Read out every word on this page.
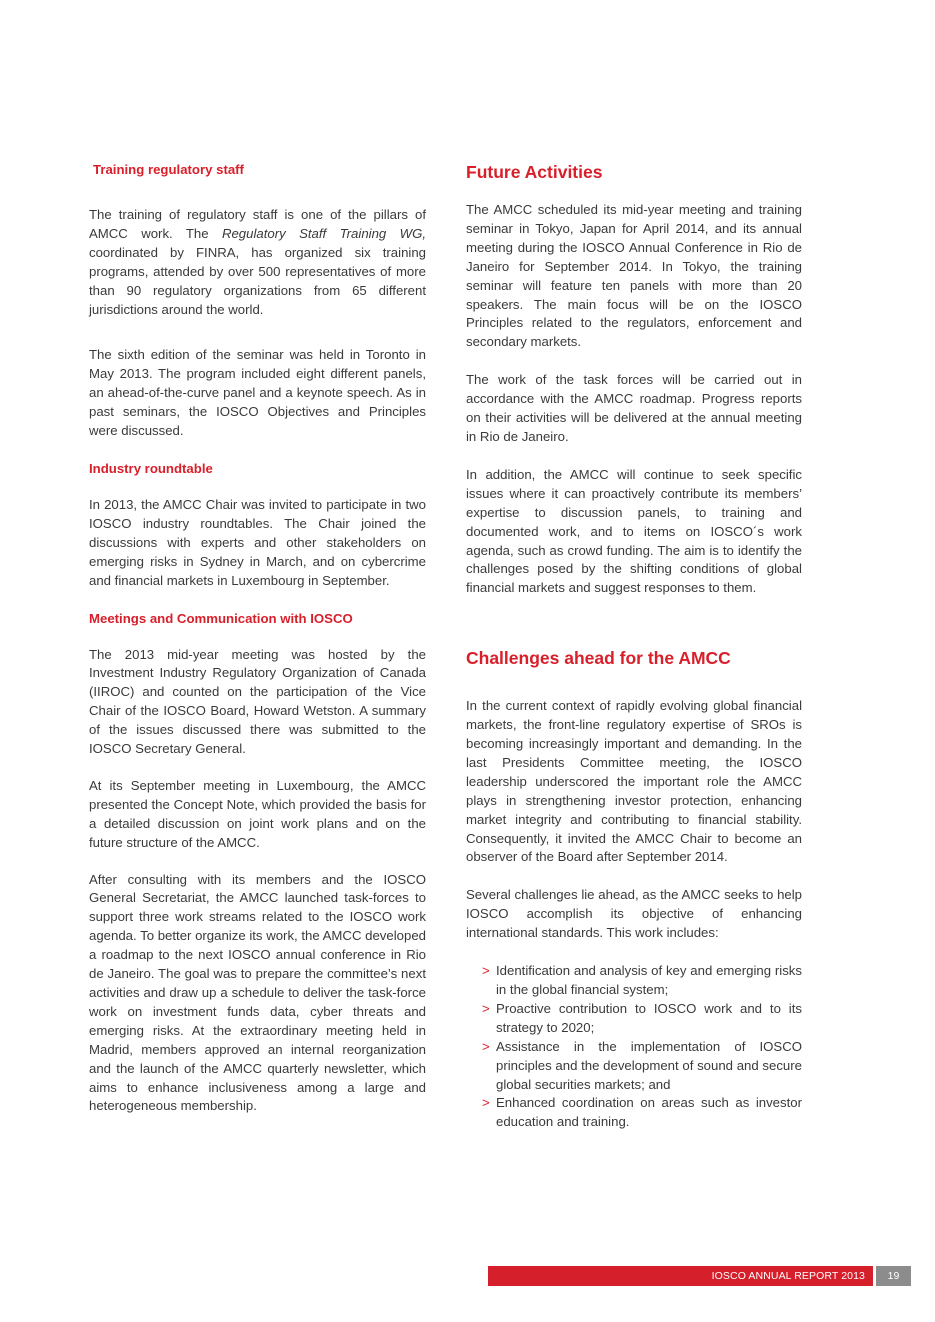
Training regulatory staff

The training of regulatory staff is one of the pillars of AMCC work. The Regulatory Staff Training WG, coordinated by FINRA, has organized six training programs, attended by over 500 representatives of more than 90 regulatory organizations from 65 different jurisdictions around the world.

The sixth edition of the seminar was held in Toronto in May 2013. The program included eight different panels, an ahead-of-the-curve panel and a keynote speech. As in past seminars, the IOSCO Objectives and Principles were discussed.

Industry roundtable

In 2013, the AMCC Chair was invited to participate in two IOSCO industry roundtables. The Chair joined the discussions with experts and other stakeholders on emerging risks in Sydney in March, and on cybercrime and financial markets in Luxembourg in September.

Meetings and Communication with IOSCO

The 2013 mid-year meeting was hosted by the Investment Industry Regulatory Organization of Canada (IIROC) and counted on the participation of the Vice Chair of the IOSCO Board, Howard Wetston. A summary of the issues discussed there was submitted to the IOSCO Secretary General.

At its September meeting in Luxembourg, the AMCC presented the Concept Note, which provided the basis for a detailed discussion on joint work plans and on the future structure of the AMCC.

After consulting with its members and the IOSCO General Secretariat, the AMCC launched task-forces to support three work streams related to the IOSCO work agenda. To better organize its work, the AMCC developed a roadmap to the next IOSCO annual conference in Rio de Janeiro. The goal was to prepare the committee’s next activities and draw up a schedule to deliver the task-force work on investment funds data, cyber threats and emerging risks. At the extraordinary meeting held in Madrid, members approved an internal reorganization and the launch of the AMCC quarterly newsletter, which aims to enhance inclusiveness among a large and heterogeneous membership.

Future Activities

The AMCC scheduled its mid-year meeting and training seminar in Tokyo, Japan for April 2014, and its annual meeting during the IOSCO Annual Conference in Rio de Janeiro for September 2014. In Tokyo, the training seminar will feature ten panels with more than 20 speakers. The main focus will be on the IOSCO Principles related to the regulators, enforcement and secondary markets.

The work of the task forces will be carried out in accordance with the AMCC roadmap. Progress reports on their activities will be delivered at the annual meeting in Rio de Janeiro.

In addition, the AMCC will continue to seek specific issues where it can proactively contribute its members’ expertise to discussion panels, to training and documented work, and to items on IOSCO´s work agenda, such as crowd funding. The aim is to identify the challenges posed by the shifting conditions of global financial markets and suggest responses to them.

Challenges ahead for the AMCC

In the current context of rapidly evolving global financial markets, the front-line regulatory expertise of SROs is becoming increasingly important and demanding. In the last Presidents Committee meeting, the IOSCO leadership underscored the important role the AMCC plays in strengthening investor protection, enhancing market integrity and contributing to financial stability. Consequently, it invited the AMCC Chair to become an observer of the Board after September 2014.

Several challenges lie ahead, as the AMCC seeks to help IOSCO accomplish its objective of enhancing international standards. This work includes:

> Identification and analysis of key and emerging risks in the global financial system;
> Proactive contribution to IOSCO work and to its strategy to 2020;
> Assistance in the implementation of IOSCO principles and the development of sound and secure global securities markets; and
> Enhanced coordination on areas such as investor education and training.
IOSCO ANNUAL REPORT 2013	19
